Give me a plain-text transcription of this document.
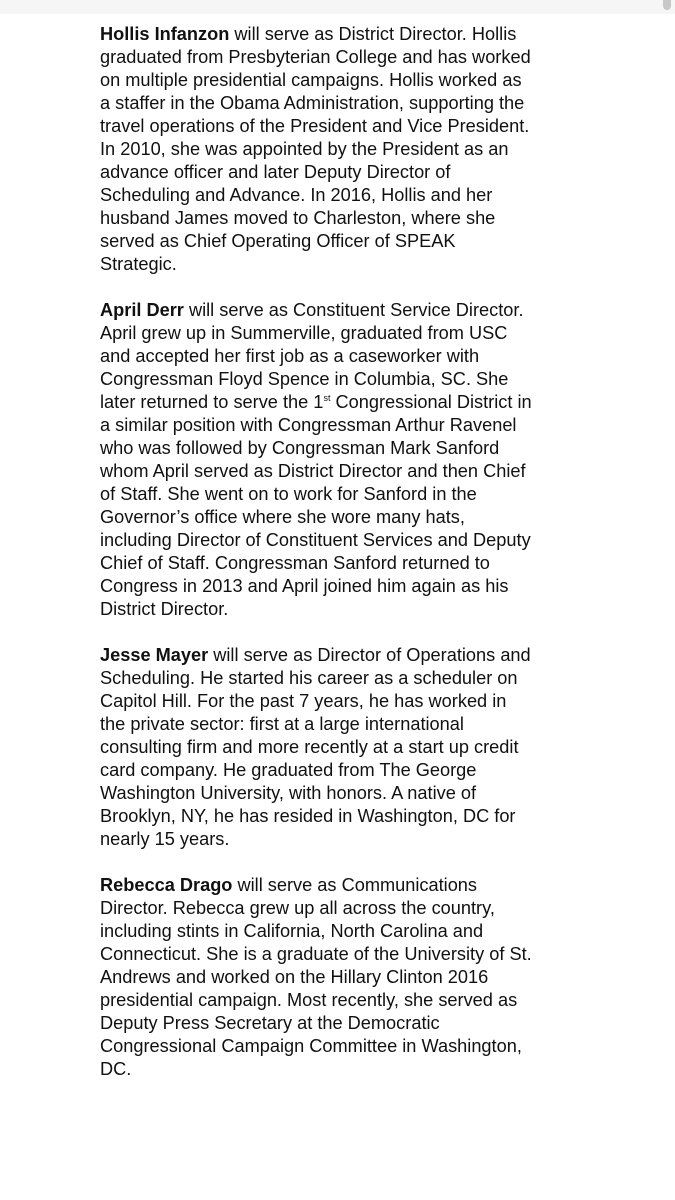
Hollis Infanzon will serve as District Director. Hollis
graduated from Presbyterian College and has worked
on multiple presidential campaigns. Hollis worked as
a staffer in the Obama Administration, supporting the
travel operations of the President and Vice President.
In 2010, she was appointed by the President as an
advance officer and later Deputy Director of
Scheduling and Advance. In 2016, Hollis and her
husband James moved to Charleston, where she
served as Chief Operating Officer of SPEAK
Strategic.

April Derr will serve as Constituent Service Director.
April grew up in Summerville, graduated from USC
and accepted her first job as a caseworker with
Congressman Floyd Spence in Columbia, SC. She
later returned to serve the 1st Congressional District in
a similar position with Congressman Arthur Ravenel
who was followed by Congressman Mark Sanford
whom April served as District Director and then Chief
of Staff. She went on to work for Sanford in the
Governor’s office where she wore many hats,
including Director of Constituent Services and Deputy
Chief of Staff. Congressman Sanford returned to
Congress in 2013 and April joined him again as his
District Director.

Jesse Mayer will serve as Director of Operations and
Scheduling. He started his career as a scheduler on
Capitol Hill. For the past 7 years, he has worked in
the private sector: first at a large international
consulting firm and more recently at a start up credit
card company. He graduated from The George
Washington University, with honors. A native of
Brooklyn, NY, he has resided in Washington, DC for
nearly 15 years.

Rebecca Drago will serve as Communications
Director. Rebecca grew up all across the country,
including stints in California, North Carolina and
Connecticut. She is a graduate of the University of St.
Andrews and worked on the Hillary Clinton 2016
presidential campaign. Most recently, she served as
Deputy Press Secretary at the Democratic
Congressional Campaign Committee in Washington,
DC.
